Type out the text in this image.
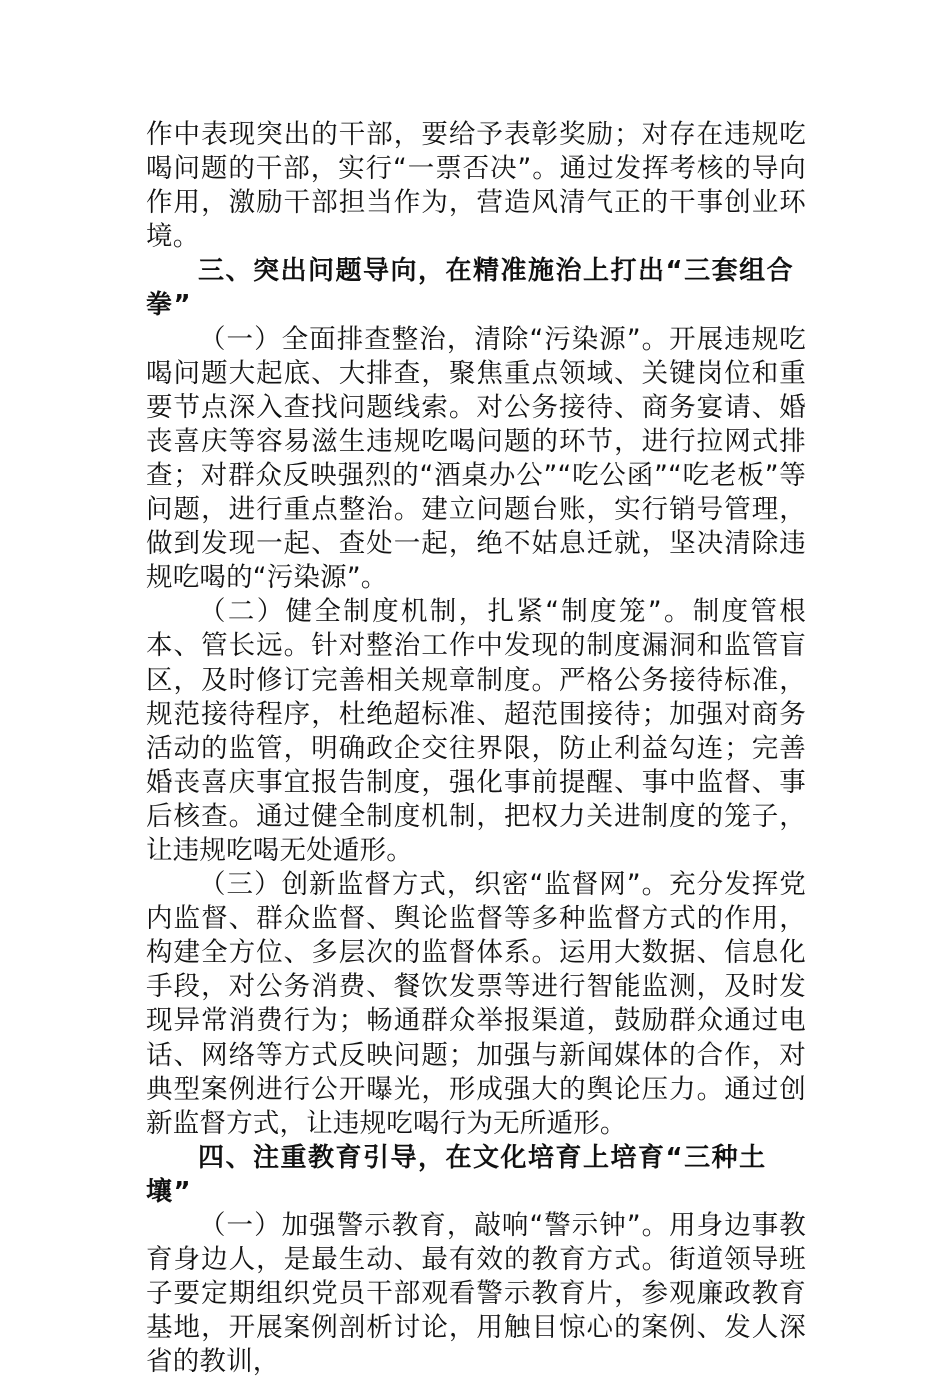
作中表现突出的干部，要给予表彰奖励；对存在违规吃喝问题的干部，实行“一票否决”。通过发挥考核的导向作用，激励干部担当作为，营造风清气正的干事创业环境。

三、突出问题导向，在精准施治上打出“三套组合拳”

（一）全面排查整治，清除“污染源”。开展违规吃喝问题大起底、大排查，聚焦重点领域、关键岗位和重要节点深入查找问题线索。对公务接待、商务宴请、婚丧喜庆等容易滋生违规吃喝问题的环节，进行拉网式排查；对群众反映强烈的“酒桌办公”“吃公函”“吃老板”等问题，进行重点整治。建立问题台账，实行销号管理，做到发现一起、查处一起，绝不姑息迁就，坚决清除违规吃喝的“污染源”。

（二）健全制度机制，扎紧“制度笼”。制度管根本、管长远。针对整治工作中发现的制度漏洞和监管盲区，及时修订完善相关规章制度。严格公务接待标准，规范接待程序，杜绝超标准、超范围接待；加强对商务活动的监管，明确政企交往界限，防止利益勾连；完善婚丧喜庆事宜报告制度，强化事前提醒、事中监督、事后核查。通过健全制度机制，把权力关进制度的笼子，让违规吃喝无处遁形。

（三）创新监督方式，织密“监督网”。充分发挥党内监督、群众监督、舆论监督等多种监督方式的作用，构建全方位、多层次的监督体系。运用大数据、信息化手段，对公务消费、餐饮发票等进行智能监测，及时发现异常消费行为；畅通群众举报渠道，鼓励群众通过电话、网络等方式反映问题；加强与新闻媒体的合作，对典型案例进行公开曝光，形成强大的舆论压力。通过创新监督方式，让违规吃喝行为无所遁形。

四、注重教育引导，在文化培育上培育“三种土壤”

（一）加强警示教育，敲响“警示钟”。用身边事教育身边人，是最生动、最有效的教育方式。街道领导班子要定期组织党员干部观看警示教育片，参观廉政教育基地，开展案例剖析讨论，用触目惊心的案例、发人深省的教训，
